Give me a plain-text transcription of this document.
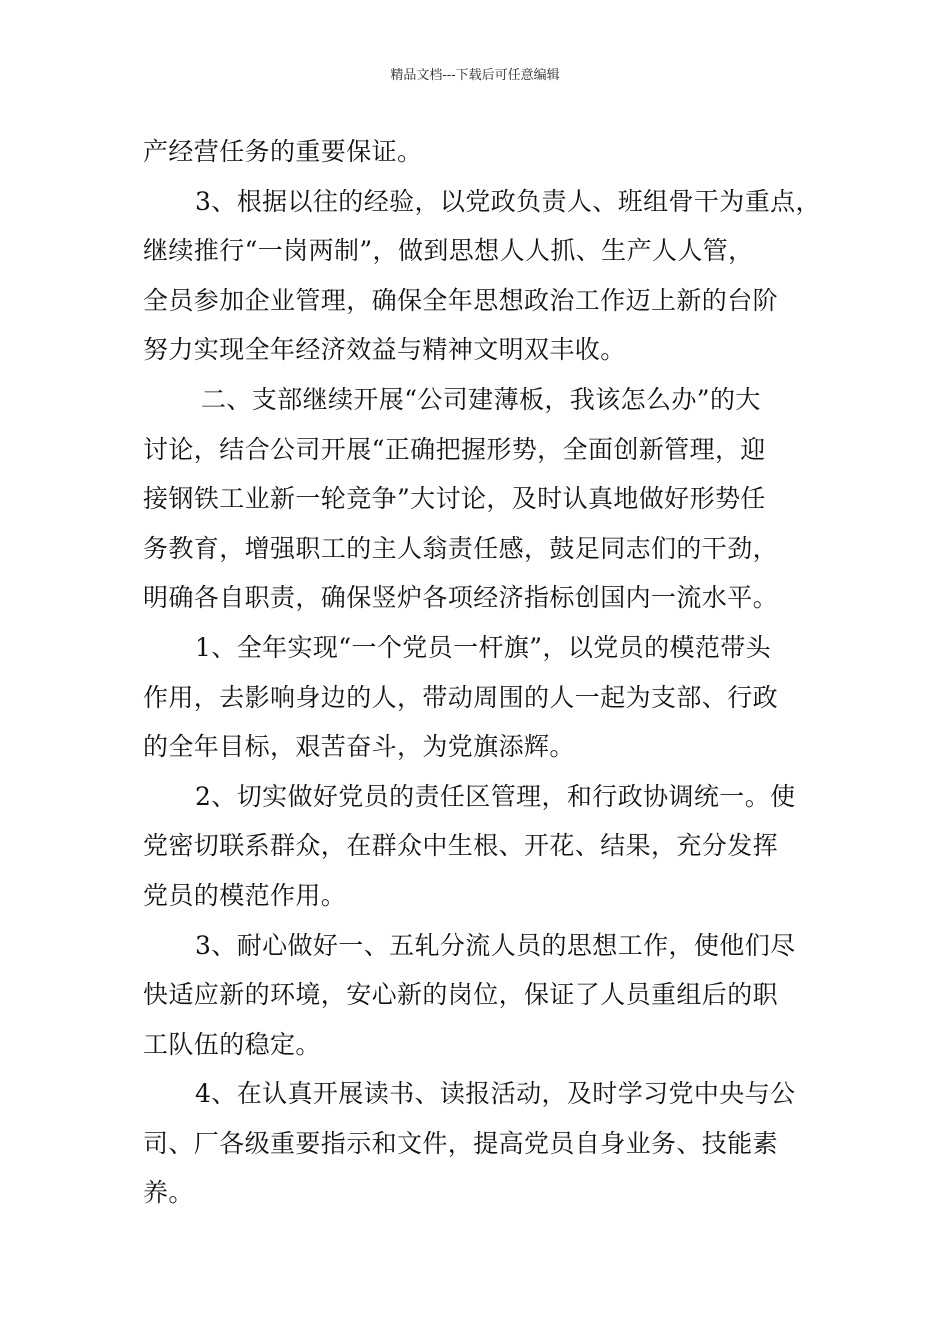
精品文档---下载后可任意编辑
产经营任务的重要保证。
3、根据以往的经验，以党政负责人、班组骨干为重点，
继续推行“一岗两制”，做到思想人人抓、生产人人管，
全员参加企业管理，确保全年思想政治工作迈上新的台阶
努力实现全年经济效益与精神文明双丰收。
二、支部继续开展“公司建薄板，我该怎么办”的大
讨论，结合公司开展“正确把握形势，全面创新管理，迎
接钢铁工业新一轮竞争”大讨论，及时认真地做好形势任
务教育，增强职工的主人翁责任感，鼓足同志们的干劲，
明确各自职责，确保竖炉各项经济指标创国内一流水平。
1、全年实现“一个党员一杆旗”，以党员的模范带头
作用，去影响身边的人，带动周围的人一起为支部、行政
的全年目标，艰苦奋斗，为党旗添辉。
2、切实做好党员的责任区管理，和行政协调统一。使
党密切联系群众，在群众中生根、开花、结果，充分发挥
党员的模范作用。
3、耐心做好一、五轧分流人员的思想工作，使他们尽
快适应新的环境，安心新的岗位，保证了人员重组后的职
工队伍的稳定。
4、在认真开展读书、读报活动，及时学习党中央与公
司、厂各级重要指示和文件，提高党员自身业务、技能素
养。
